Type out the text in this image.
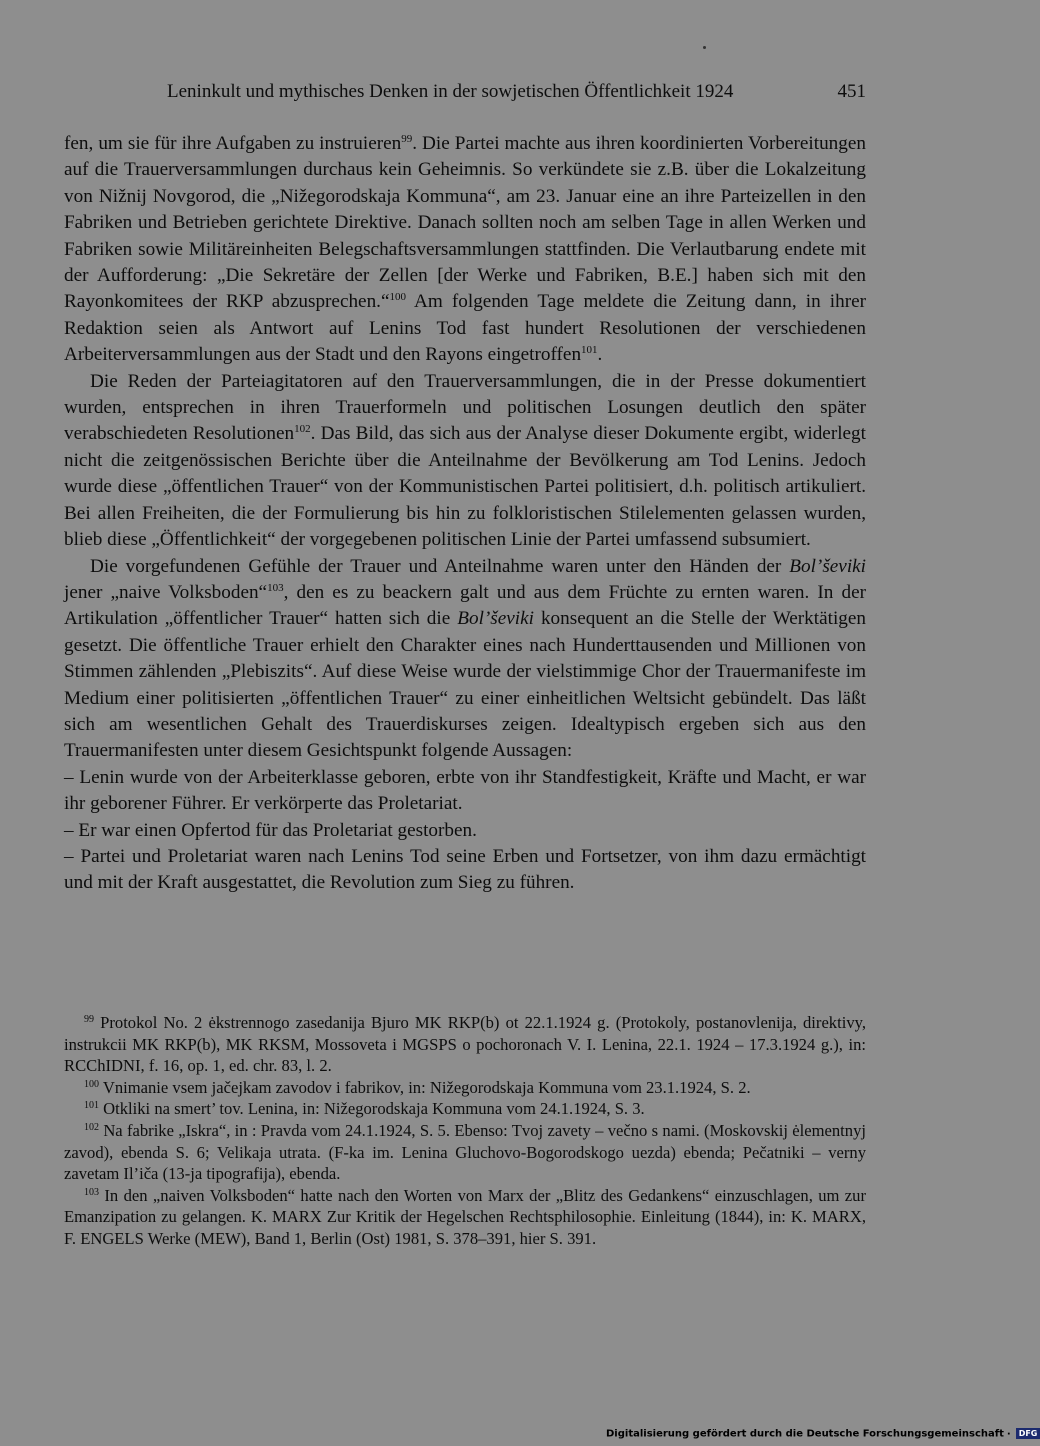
Leninkult und mythisches Denken in der sowjetischen Öffentlichkeit 1924	451

fen, um sie für ihre Aufgaben zu instruieren$^{99}$. Die Partei machte aus ihren koordinierten Vorbereitungen auf die Trauerversammlungen durchaus kein Geheimnis. So verkündete sie z.B. über die Lokalzeitung von Nižnij Novgorod, die „Nižegorodskaja Kommuna“, am 23. Januar eine an ihre Parteizellen in den Fabriken und Betrieben gerichtete Direktive. Danach sollten noch am selben Tage in allen Werken und Fabriken sowie Militäreinheiten Belegschaftsversammlungen stattfinden. Die Verlautbarung endete mit der Aufforderung: „Die Sekretäre der Zellen [der Werke und Fabriken, B.E.] haben sich mit den Rayonkomitees der RKP abzusprechen.“$^{100}$ Am folgenden Tage meldete die Zeitung dann, in ihrer Redaktion seien als Antwort auf Lenins Tod fast hundert Resolutionen der verschiedenen Arbeiterversammlungen aus der Stadt und den Rayons eingetroffen$^{101}$.

Die Reden der Parteiagitatoren auf den Trauerversammlungen, die in der Presse dokumentiert wurden, entsprechen in ihren Trauerformeln und politischen Losungen deutlich den später verabschiedeten Resolutionen$^{102}$. Das Bild, das sich aus der Analyse dieser Dokumente ergibt, widerlegt nicht die zeitgenössischen Berichte über die Anteilnahme der Bevölkerung am Tod Lenins. Jedoch wurde diese „öffentlichen Trauer“ von der Kommunistischen Partei politisiert, d.h. politisch artikuliert. Bei allen Freiheiten, die der Formulierung bis hin zu folkloristischen Stilelementen gelassen wurden, blieb diese „Öffentlichkeit“ der vorgegebenen politischen Linie der Partei umfassend subsumiert.

Die vorgefundenen Gefühle der Trauer und Anteilnahme waren unter den Händen der Bol’ševiki jener „naive Volksboden“$^{103}$, den es zu beackern galt und aus dem Früchte zu ernten waren. In der Artikulation „öffentlicher Trauer“ hatten sich die Bol’ševiki konsequent an die Stelle der Werktätigen gesetzt. Die öffentliche Trauer erhielt den Charakter eines nach Hunderttausenden und Millionen von Stimmen zählenden „Plebiszits“. Auf diese Weise wurde der vielstimmige Chor der Trauermanifeste im Medium einer politisierten „öffentlichen Trauer“ zu einer einheitlichen Weltsicht gebündelt. Das läßt sich am wesentlichen Gehalt des Trauerdiskurses zeigen. Idealtypisch ergeben sich aus den Trauermanifesten unter diesem Gesichtspunkt folgende Aussagen:

– Lenin wurde von der Arbeiterklasse geboren, erbte von ihr Standfestigkeit, Kräfte und Macht, er war ihr geborener Führer. Er verkörperte das Proletariat.

– Er war einen Opfertod für das Proletariat gestorben.

– Partei und Proletariat waren nach Lenins Tod seine Erben und Fortsetzer, von ihm dazu ermächtigt und mit der Kraft ausgestattet, die Revolution zum Sieg zu führen.

$^{99}$ Protokol No. 2 ėkstrennogo zasedanija Bjuro MK RKP(b) ot 22.1.1924 g. (Protokoly, postanovlenija, direktivy, instrukcii MK RKP(b), MK RKSM, Mossoveta i MGSPS o pochoronach V. I. Lenina, 22.1. 1924 – 17.3.1924 g.), in: RCChIDNI, f. 16, op. 1, ed. chr. 83, l. 2.

$^{100}$ Vnimanie vsem jačejkam zavodov i fabrikov, in: Nižegorodskaja Kommuna vom 23.1.1924, S. 2.

$^{101}$ Otkliki na smert’ tov. Lenina, in: Nižegorodskaja Kommuna vom 24.1.1924, S. 3.

$^{102}$ Na fabrike „Iskra“, in : Pravda vom 24.1.1924, S. 5. Ebenso: Tvoj zavety – večno s nami. (Moskovskij ėlementnyj zavod), ebenda S. 6; Velikaja utrata. (F-ka im. Lenina Gluchovo-Bogorodskogo uezda) ebenda; Pečatniki – verny zavetam Il’iča (13-ja tipografija), ebenda.

$^{103}$ In den „naiven Volksboden“ hatte nach den Worten von Marx der „Blitz des Gedankens“ einzuschlagen, um zur Emanzipation zu gelangen. K. MARX Zur Kritik der Hegelschen Rechtsphilosophie. Einleitung (1844), in: K. MARX, F. ENGELS Werke (MEW), Band 1, Berlin (Ost) 1981, S. 378–391, hier S. 391.

Digitalisierung gefördert durch die Deutsche Forschungsgemeinschaft · DFG
